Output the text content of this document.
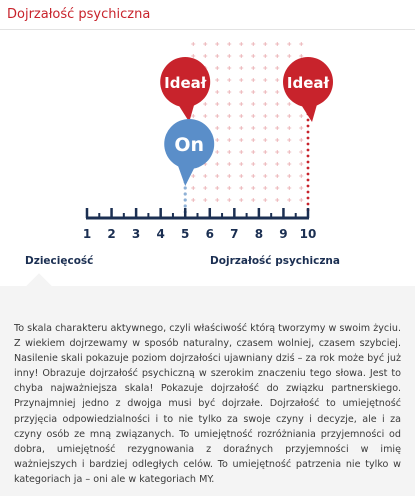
Dojrzałość psychiczna
1 2 3 4 5 6 7 8 9 10
Dziecięcość	Dojrzałość psychiczna
Ideał	Ideał
On

To skala charakteru aktywnego, czyli właściwość którą tworzymy w swoim życiu. Z wiekiem dojrzewamy w sposób naturalny, czasem wolniej, czasem szybciej. Nasilenie skali pokazuje poziom dojrzałości ujawniany dziś – za rok może być już inny! Obrazuje dojrzałość psychiczną w szerokim znaczeniu tego słowa. Jest to chyba najważniejsza skala! Pokazuje dojrzałość do związku partnerskiego. Przynajmniej jedno z dwojga musi być dojrzałe. Dojrzałość to umiejętność przyjęcia odpowiedzialności i to nie tylko za swoje czyny i decyzje, ale i za czyny osób ze mną związanych. To umiejętność rozróżniania przyjemności od dobra, umiejętność rezygnowania z doraźnych przyjemności w imię ważniejszych i bardziej odległych celów. To umiejętność patrzenia nie tylko w kategoriach ja – oni ale w kategoriach MY.
